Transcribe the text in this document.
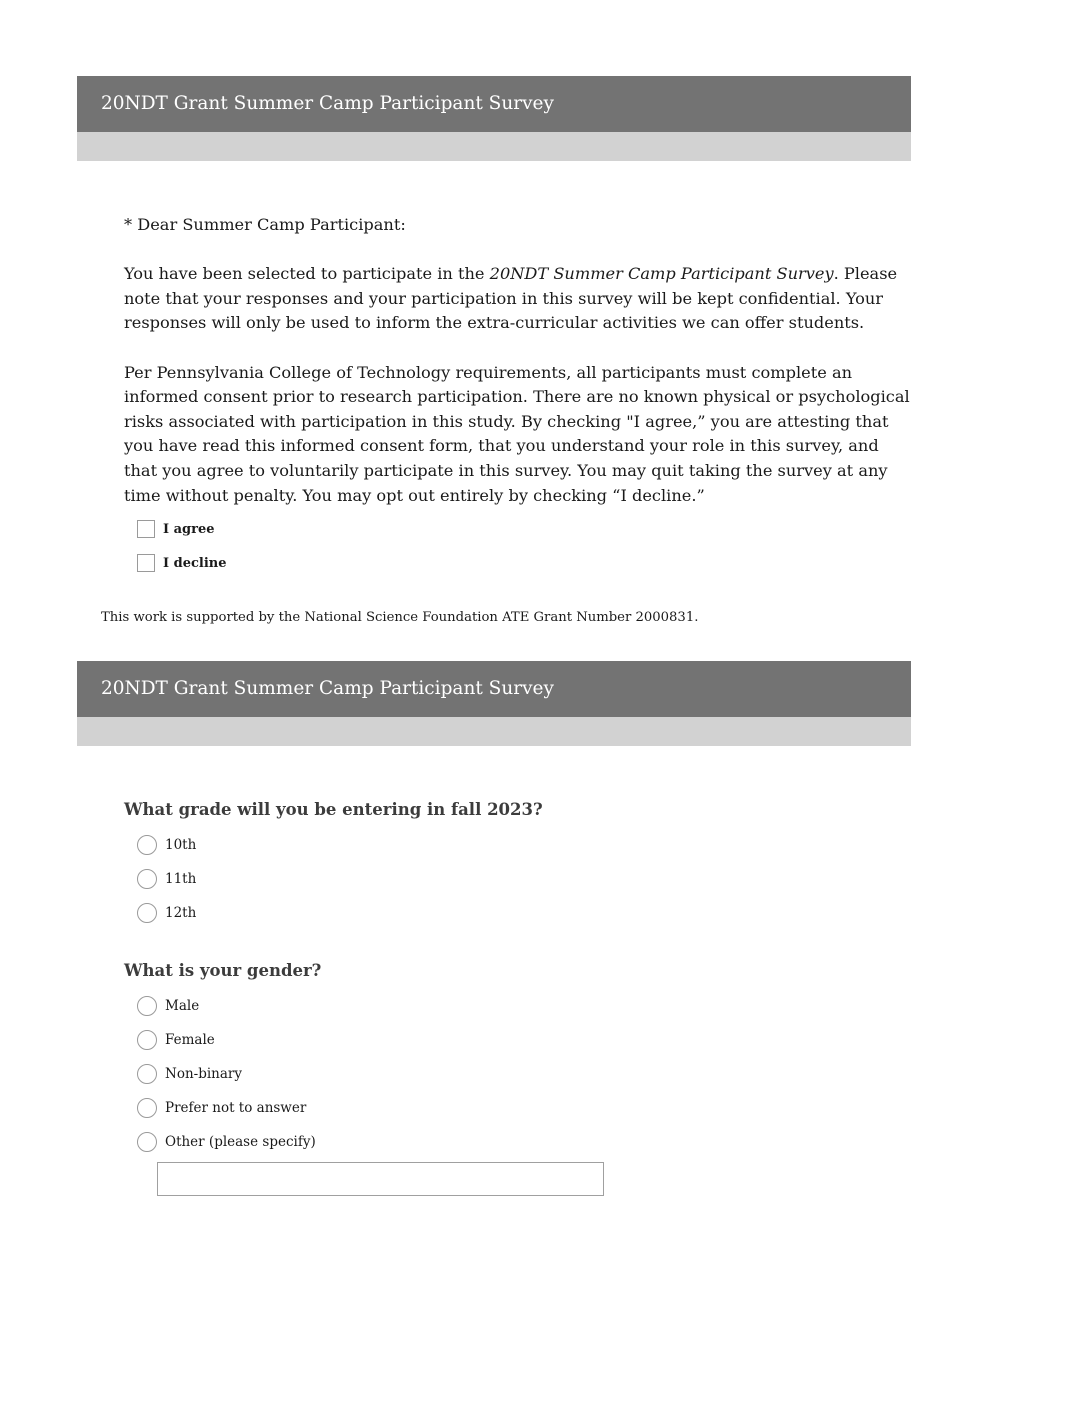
20NDT Grant Summer Camp Participant Survey

* Dear Summer Camp Participant:

You have been selected to participate in the 20NDT Summer Camp Participant Survey. Please note that your responses and your participation in this survey will be kept confidential. Your responses will only be used to inform the extra-curricular activities we can offer students.

Per Pennsylvania College of Technology requirements, all participants must complete an informed consent prior to research participation. There are no known physical or psychological risks associated with participation in this study. By checking "I agree,” you are attesting that you have read this informed consent form, that you understand your role in this survey, and that you agree to voluntarily participate in this survey. You may quit taking the survey at any time without penalty. You may opt out entirely by checking “I decline.”

I agree
I decline
This work is supported by the National Science Foundation ATE Grant Number 2000831.
20NDT Grant Summer Camp Participant Survey
What grade will you be entering in fall 2023?
10th
11th
12th
What is your gender?
Male
Female
Non-binary
Prefer not to answer
Other (please specify)
